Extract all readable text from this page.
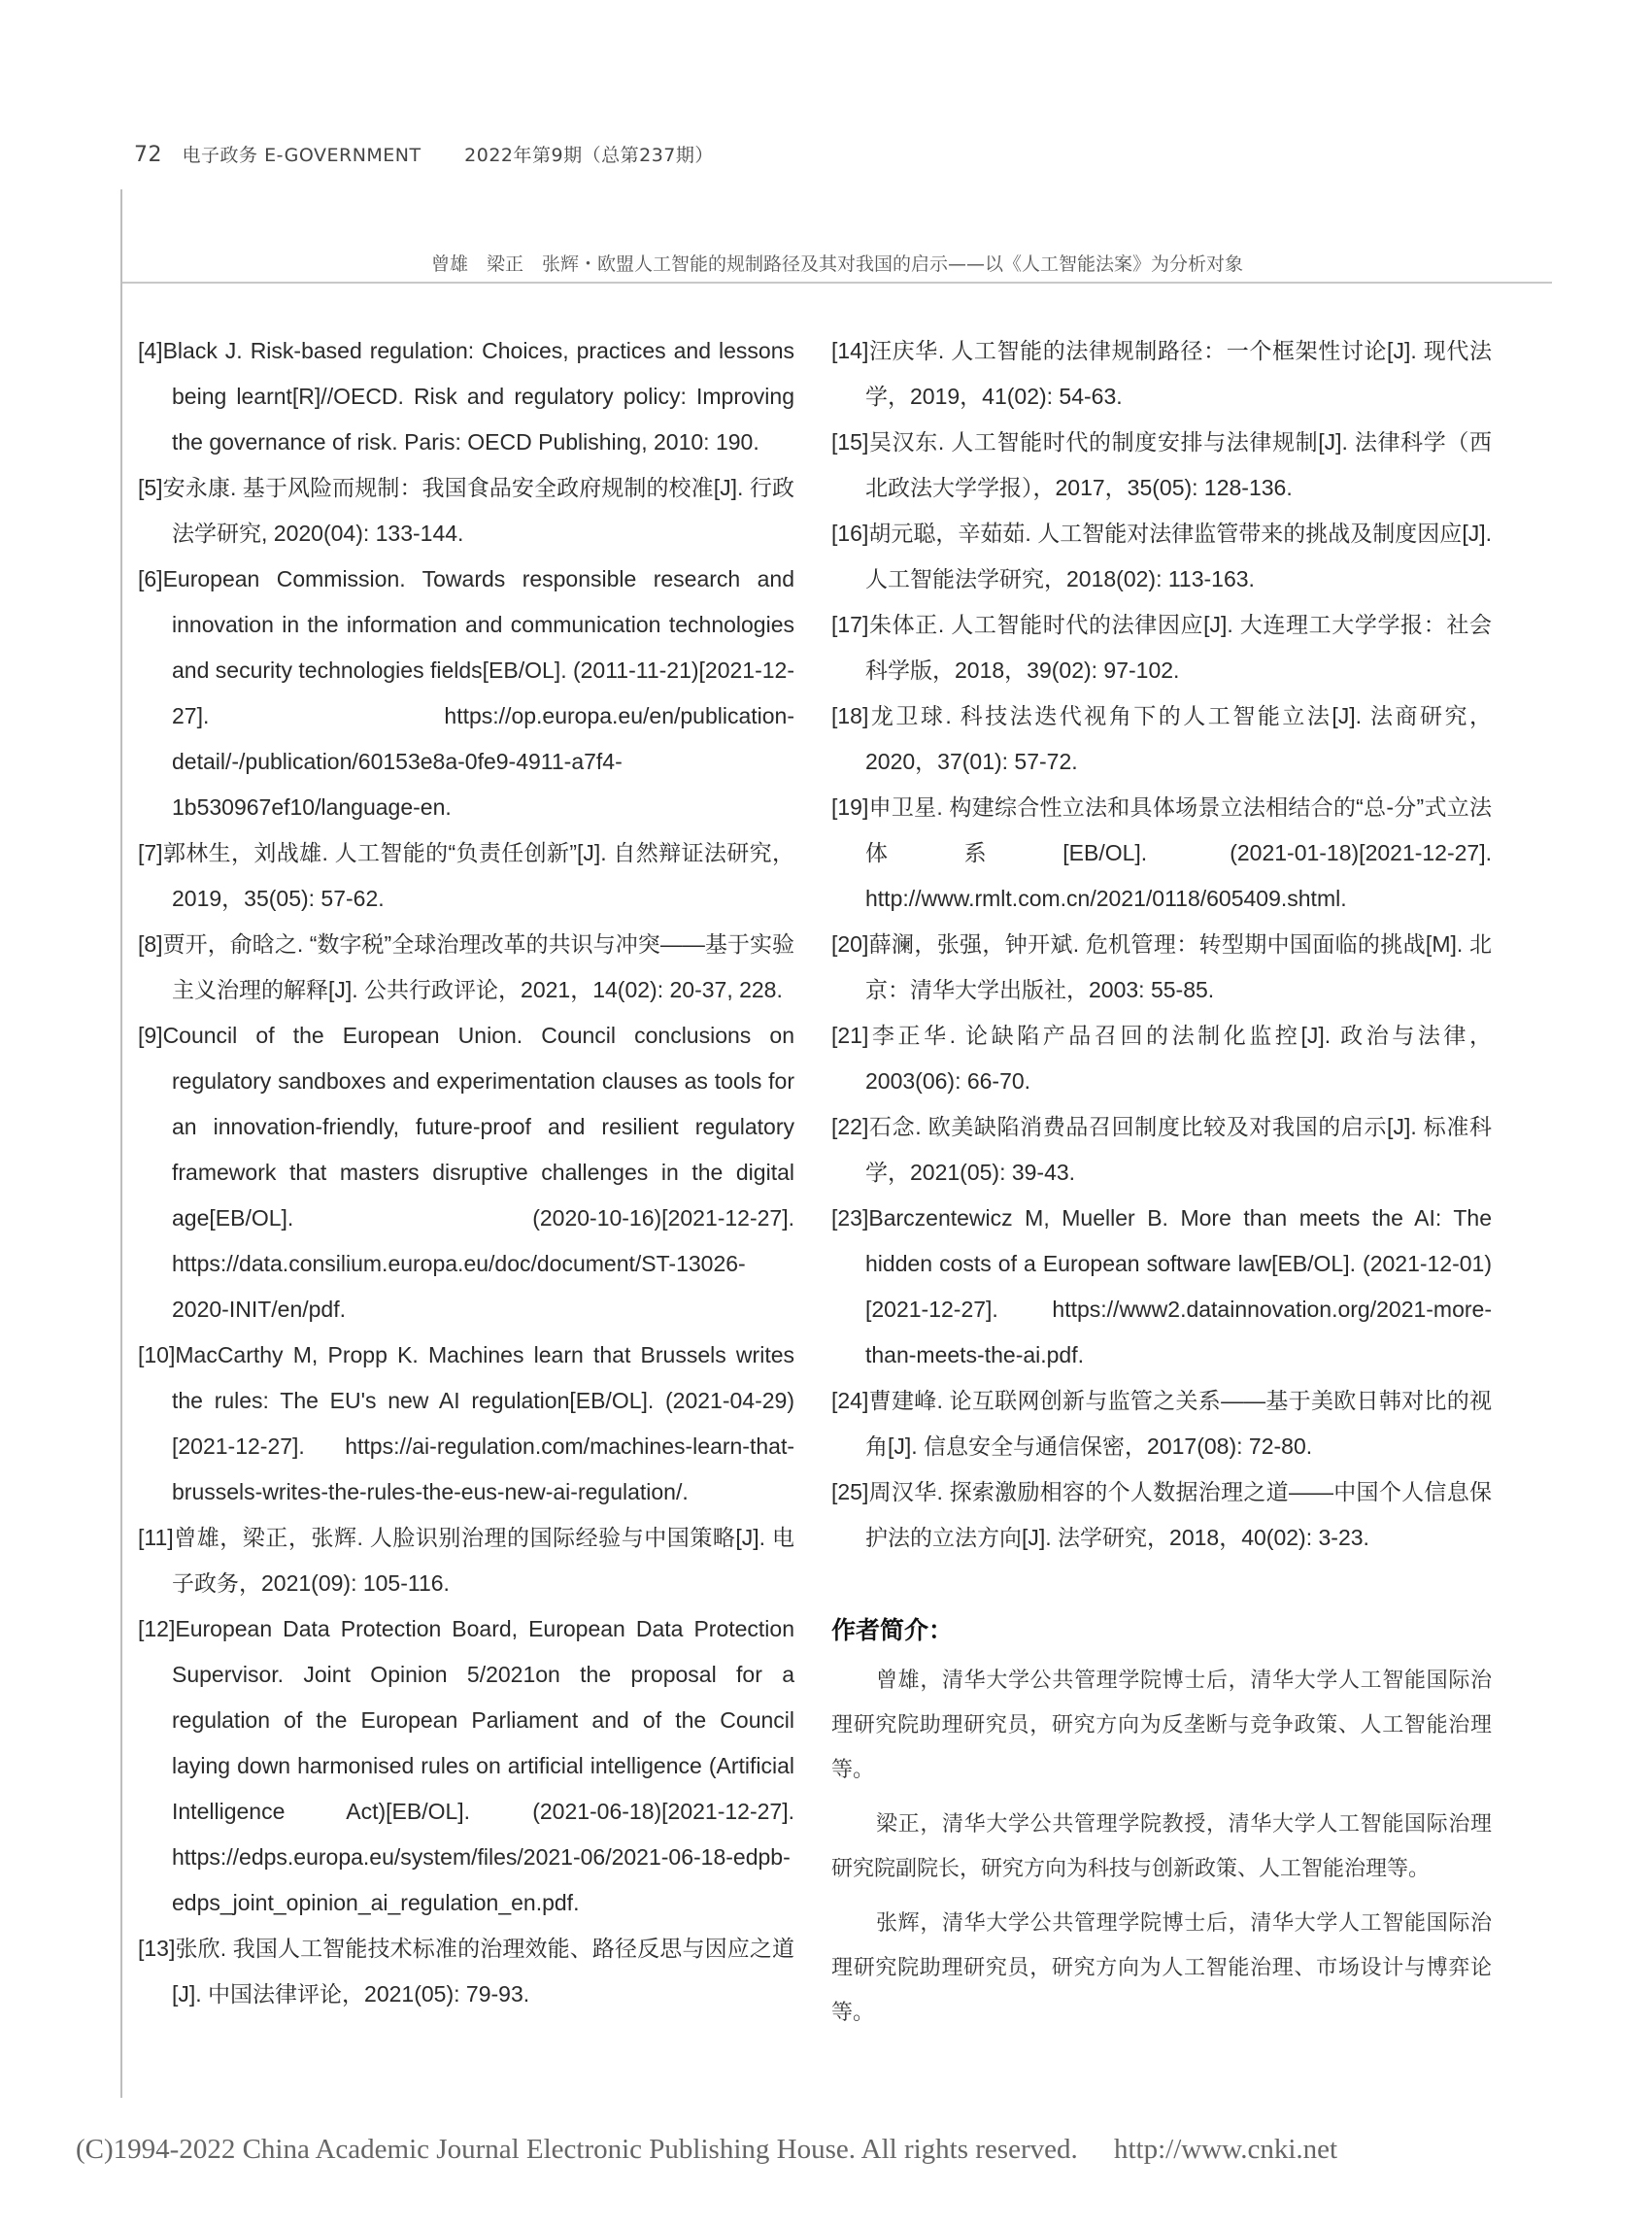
72 电子政务 E-GOVERNMENT 2022年第9期（总第237期）
曾雄　梁正　张辉・欧盟人工智能的规制路径及其对我国的启示——以《人工智能法案》为分析对象
[4]Black J. Risk-based regulation: Choices, practices and lessons being learnt[R]//OECD. Risk and regulatory policy: Improving the governance of risk. Paris: OECD Publishing, 2010: 190.
[5]安永康. 基于风险而规制：我国食品安全政府规制的校准[J]. 行政法学研究, 2020(04): 133-144.
[6]European Commission. Towards responsible research and innovation in the information and communication technologies and security technologies fields[EB/OL]. (2011-11-21)[2021-12-27]. https://op.europa.eu/en/publication-detail/-/publication/60153e8a-0fe9-4911-a7f4-1b530967ef10/language-en.
[7]郭林生，刘战雄. 人工智能的“负责任创新”[J]. 自然辩证法研究，2019，35(05): 57-62.
[8]贾开，俞晗之. “数字税”全球治理改革的共识与冲突——基于实验主义治理的解释[J]. 公共行政评论，2021，14(02): 20-37, 228.
[9]Council of the European Union. Council conclusions on regulatory sandboxes and experimentation clauses as tools for an innovation-friendly, future-proof and resilient regulatory framework that masters disruptive challenges in the digital age[EB/OL]. (2020-10-16)[2021-12-27]. https://data.consilium.europa.eu/doc/document/ST-13026-2020-INIT/en/pdf.
[10]MacCarthy M, Propp K. Machines learn that Brussels writes the rules: The EU's new AI regulation[EB/OL]. (2021-04-29)[2021-12-27]. https://ai-regulation.com/machines-learn-that-brussels-writes-the-rules-the-eus-new-ai-regulation/.
[11]曾雄，梁正，张辉. 人脸识别治理的国际经验与中国策略[J]. 电子政务，2021(09): 105-116.
[12]European Data Protection Board, European Data Protection Supervisor. Joint Opinion 5/2021on the proposal for a regulation of the European Parliament and of the Council laying down harmonised rules on artificial intelligence (Artificial Intelligence Act)[EB/OL]. (2021-06-18)[2021-12-27]. https://edps.europa.eu/system/files/2021-06/2021-06-18-edpb-edps_joint_opinion_ai_regulation_en.pdf.
[13]张欣. 我国人工智能技术标准的治理效能、路径反思与因应之道[J]. 中国法律评论，2021(05): 79-93.
[14]汪庆华. 人工智能的法律规制路径：一个框架性讨论[J]. 现代法学，2019，41(02): 54-63.
[15]吴汉东. 人工智能时代的制度安排与法律规制[J]. 法律科学（西北政法大学学报），2017，35(05): 128-136.
[16]胡元聪，辛茹茹. 人工智能对法律监管带来的挑战及制度因应[J]. 人工智能法学研究，2018(02): 113-163.
[17]朱体正. 人工智能时代的法律因应[J]. 大连理工大学学报：社会科学版，2018，39(02): 97-102.
[18]龙卫球. 科技法迭代视角下的人工智能立法[J]. 法商研究，2020，37(01): 57-72.
[19]申卫星. 构建综合性立法和具体场景立法相结合的“总-分”式立法体系[EB/OL]. (2021-01-18)[2021-12-27]. http://www.rmlt.com.cn/2021/0118/605409.shtml.
[20]薛澜，张强，钟开斌. 危机管理：转型期中国面临的挑战[M]. 北京：清华大学出版社，2003: 55-85.
[21]李正华. 论缺陷产品召回的法制化监控[J]. 政治与法律，2003(06): 66-70.
[22]石念. 欧美缺陷消费品召回制度比较及对我国的启示[J]. 标准科学，2021(05): 39-43.
[23]Barczentewicz M, Mueller B. More than meets the AI: The hidden costs of a European software law[EB/OL]. (2021-12-01)[2021-12-27]. https://www2.datainnovation.org/2021-more-than-meets-the-ai.pdf.
[24]曹建峰. 论互联网创新与监管之关系——基于美欧日韩对比的视角[J]. 信息安全与通信保密，2017(08): 72-80.
[25]周汉华. 探索激励相容的个人数据治理之道——中国个人信息保护法的立法方向[J]. 法学研究，2018，40(02): 3-23.
作者简介：
曾雄，清华大学公共管理学院博士后，清华大学人工智能国际治理研究院助理研究员，研究方向为反垄断与竞争政策、人工智能治理等。
梁正，清华大学公共管理学院教授，清华大学人工智能国际治理研究院副院长，研究方向为科技与创新政策、人工智能治理等。
张辉，清华大学公共管理学院博士后，清华大学人工智能国际治理研究院助理研究员，研究方向为人工智能治理、市场设计与博弈论等。
(C)1994-2022 China Academic Journal Electronic Publishing House. All rights reserved. http://www.cnki.net
